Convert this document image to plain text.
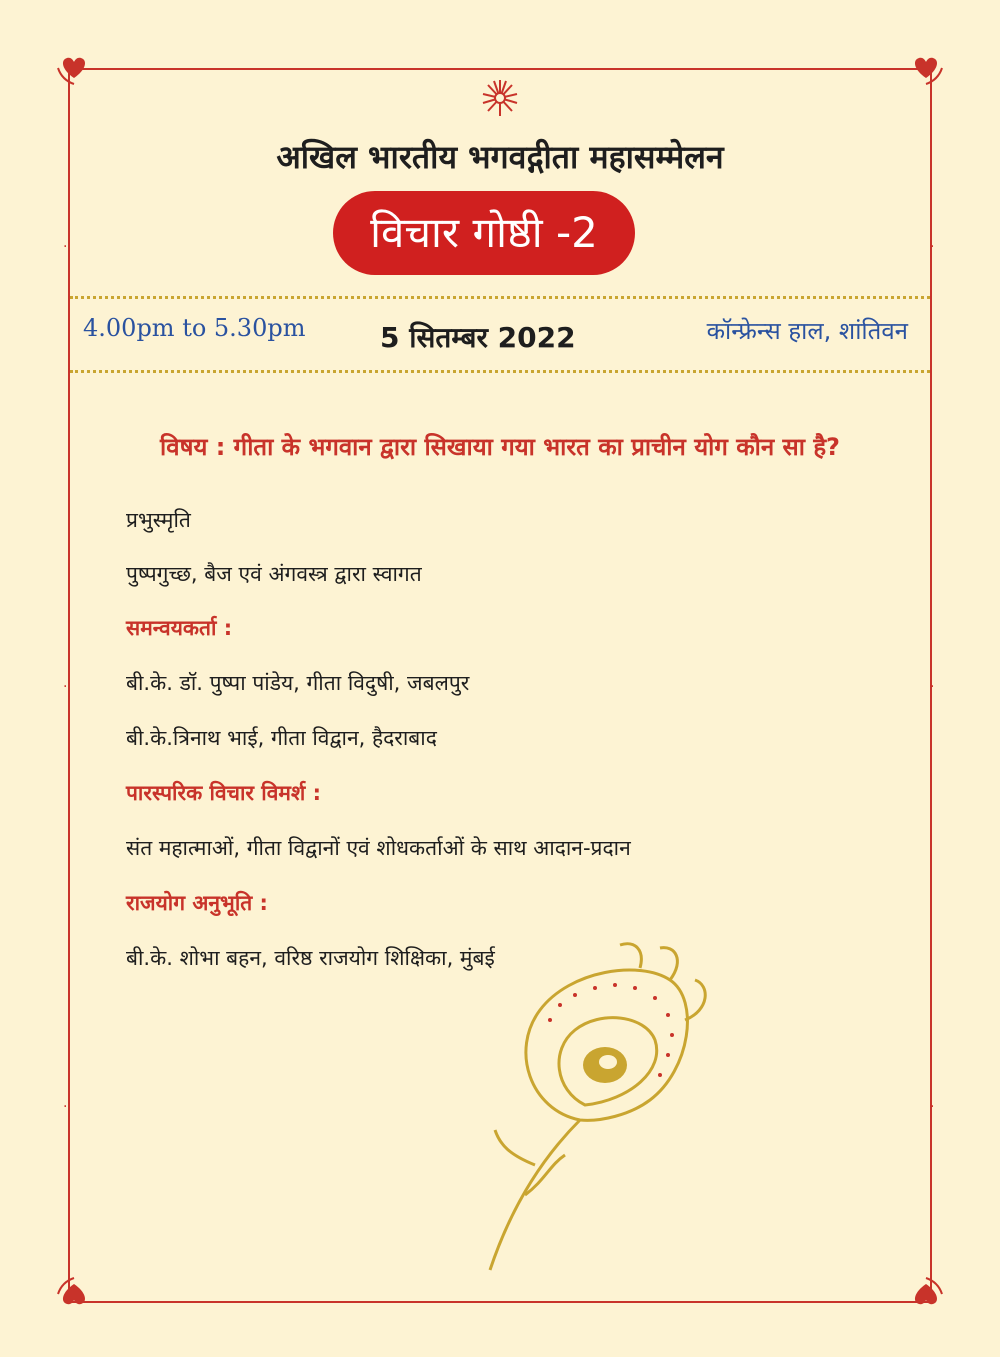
·
·
·
·
·
·
अखिल भारतीय भगवद्गीता महासम्मेलन
विचार गोष्ठी -2
4.00pm to 5.30pm	5 सितम्बर 2022	कॉन्फ्रेन्स हाल, शांतिवन
विषय : गीता के भगवान द्वारा सिखाया गया भारत का प्राचीन योग कौन सा है?
प्रभुस्मृति
पुष्पगुच्छ, बैज एवं अंगवस्त्र द्वारा स्वागत
समन्वयकर्ता :
बी.के. डॉ. पुष्पा पांडेय, गीता विदुषी, जबलपुर
बी.के.त्रिनाथ भाई, गीता विद्वान, हैदराबाद
पारस्परिक विचार विमर्श :
संत महात्माओं, गीता विद्वानों एवं शोधकर्ताओं के साथ आदान-प्रदान
राजयोग अनुभूति :
बी.के. शोभा बहन, वरिष्ठ राजयोग शिक्षिका, मुंबई
